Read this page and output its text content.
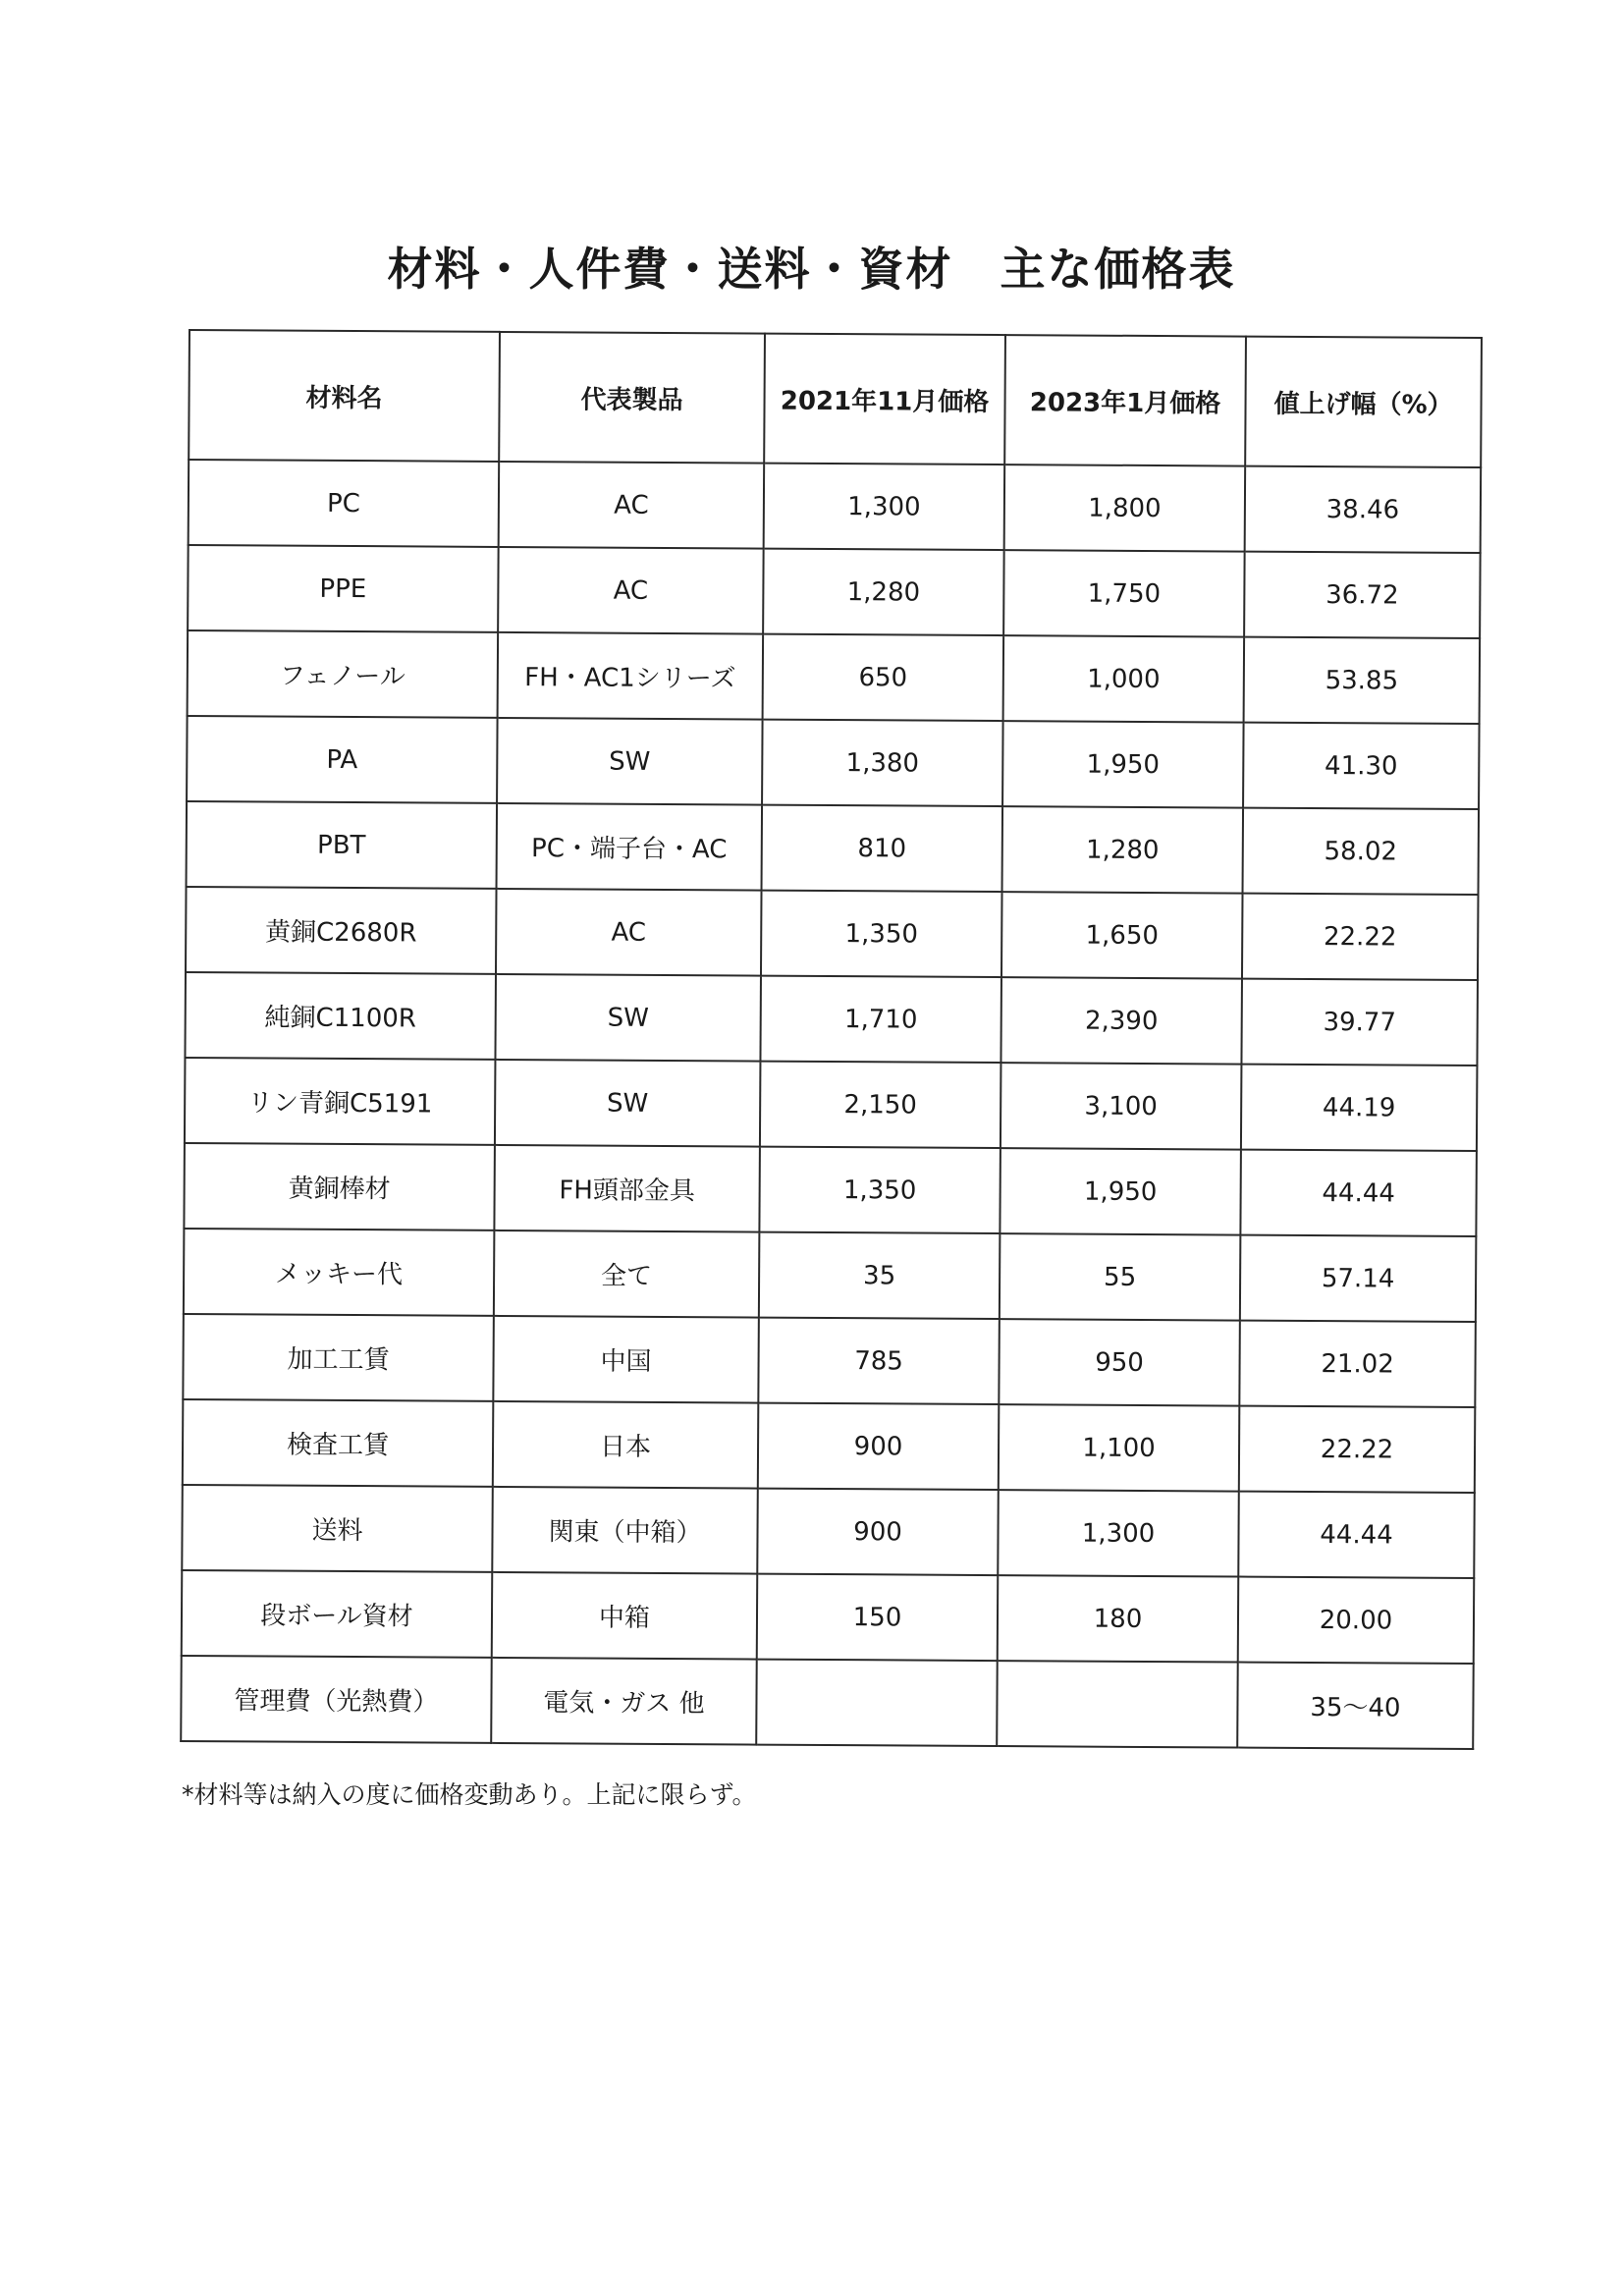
材料・人件費・送料・資材　主な価格表
材料名	代表製品	2021年11月価格	2023年1月価格	値上げ幅（%）
PC	AC	1,300	1,800	38.46
PPE	AC	1,280	1,750	36.72
フェノール	FH・AC1シリーズ	650	1,000	53.85
PA	SW	1,380	1,950	41.30
PBT	PC・端子台・AC	810	1,280	58.02
黄銅C2680R	AC	1,350	1,650	22.22
純銅C1100R	SW	1,710	2,390	39.77
リン青銅C5191	SW	2,150	3,100	44.19
黄銅棒材	FH頭部金具	1,350	1,950	44.44
メッキー代	全て	35	55	57.14
加工工賃	中国	785	950	21.02
検査工賃	日本	900	1,100	22.22
送料	関東（中箱）	900	1,300	44.44
段ボール資材	中箱	150	180	20.00
管理費（光熱費）	電気・ガス 他			35〜40

*材料等は納入の度に価格変動あり。上記に限らず。
